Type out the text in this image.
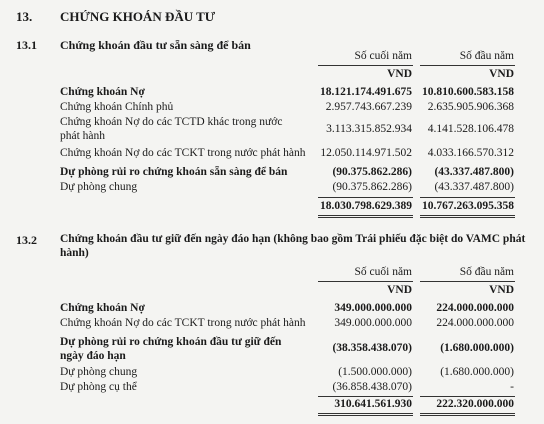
13. CHỨNG KHOÁN ĐẦU TƯ
13.1 Chứng khoán đầu tư sẵn sàng để bán
Số cuối năm	Số đầu năm
VND	VND
Chứng khoán Nợ	18.121.174.491.675 10.810.600.583.158
Chứng khoán Chính phủ	2.957.743.667.239	2.635.905.906.368
Chứng khoán Nợ do các TCTD khác trong nước
phát hành
3.113.315.852.934	4.141.528.106.478
Chứng khoán Nợ do các TCKT trong nước phát hành	12.050.114.971.502	4.033.166.570.312
Dự phòng rủi ro chứng khoán sẵn sàng để bán	(90.375.862.286)	(43.337.487.800)
Dự phòng chung	(90.375.862.286)	(43.337.487.800)
18.030.798.629.389 10.767.263.095.358
13.2 Chứng khoán đầu tư giữ đến ngày đáo hạn (không bao gồm Trái phiếu đặc biệt do VAMC phát
hành)
Số cuối năm	Số đầu năm
VND	VND
Chứng khoán Nợ	349.000.000.000	224.000.000.000
Chứng khoán Nợ do các TCKT trong nước phát hành	349.000.000.000	224.000.000.000
Dự phòng rủi ro chứng khoán đầu tư giữ đến
ngày đáo hạn
(38.358.438.070)	(1.680.000.000)
Dự phòng chung	(1.500.000.000)	(1.680.000.000)
Dự phòng cụ thể	(36.858.438.070)	-
310.641.561.930	222.320.000.000
